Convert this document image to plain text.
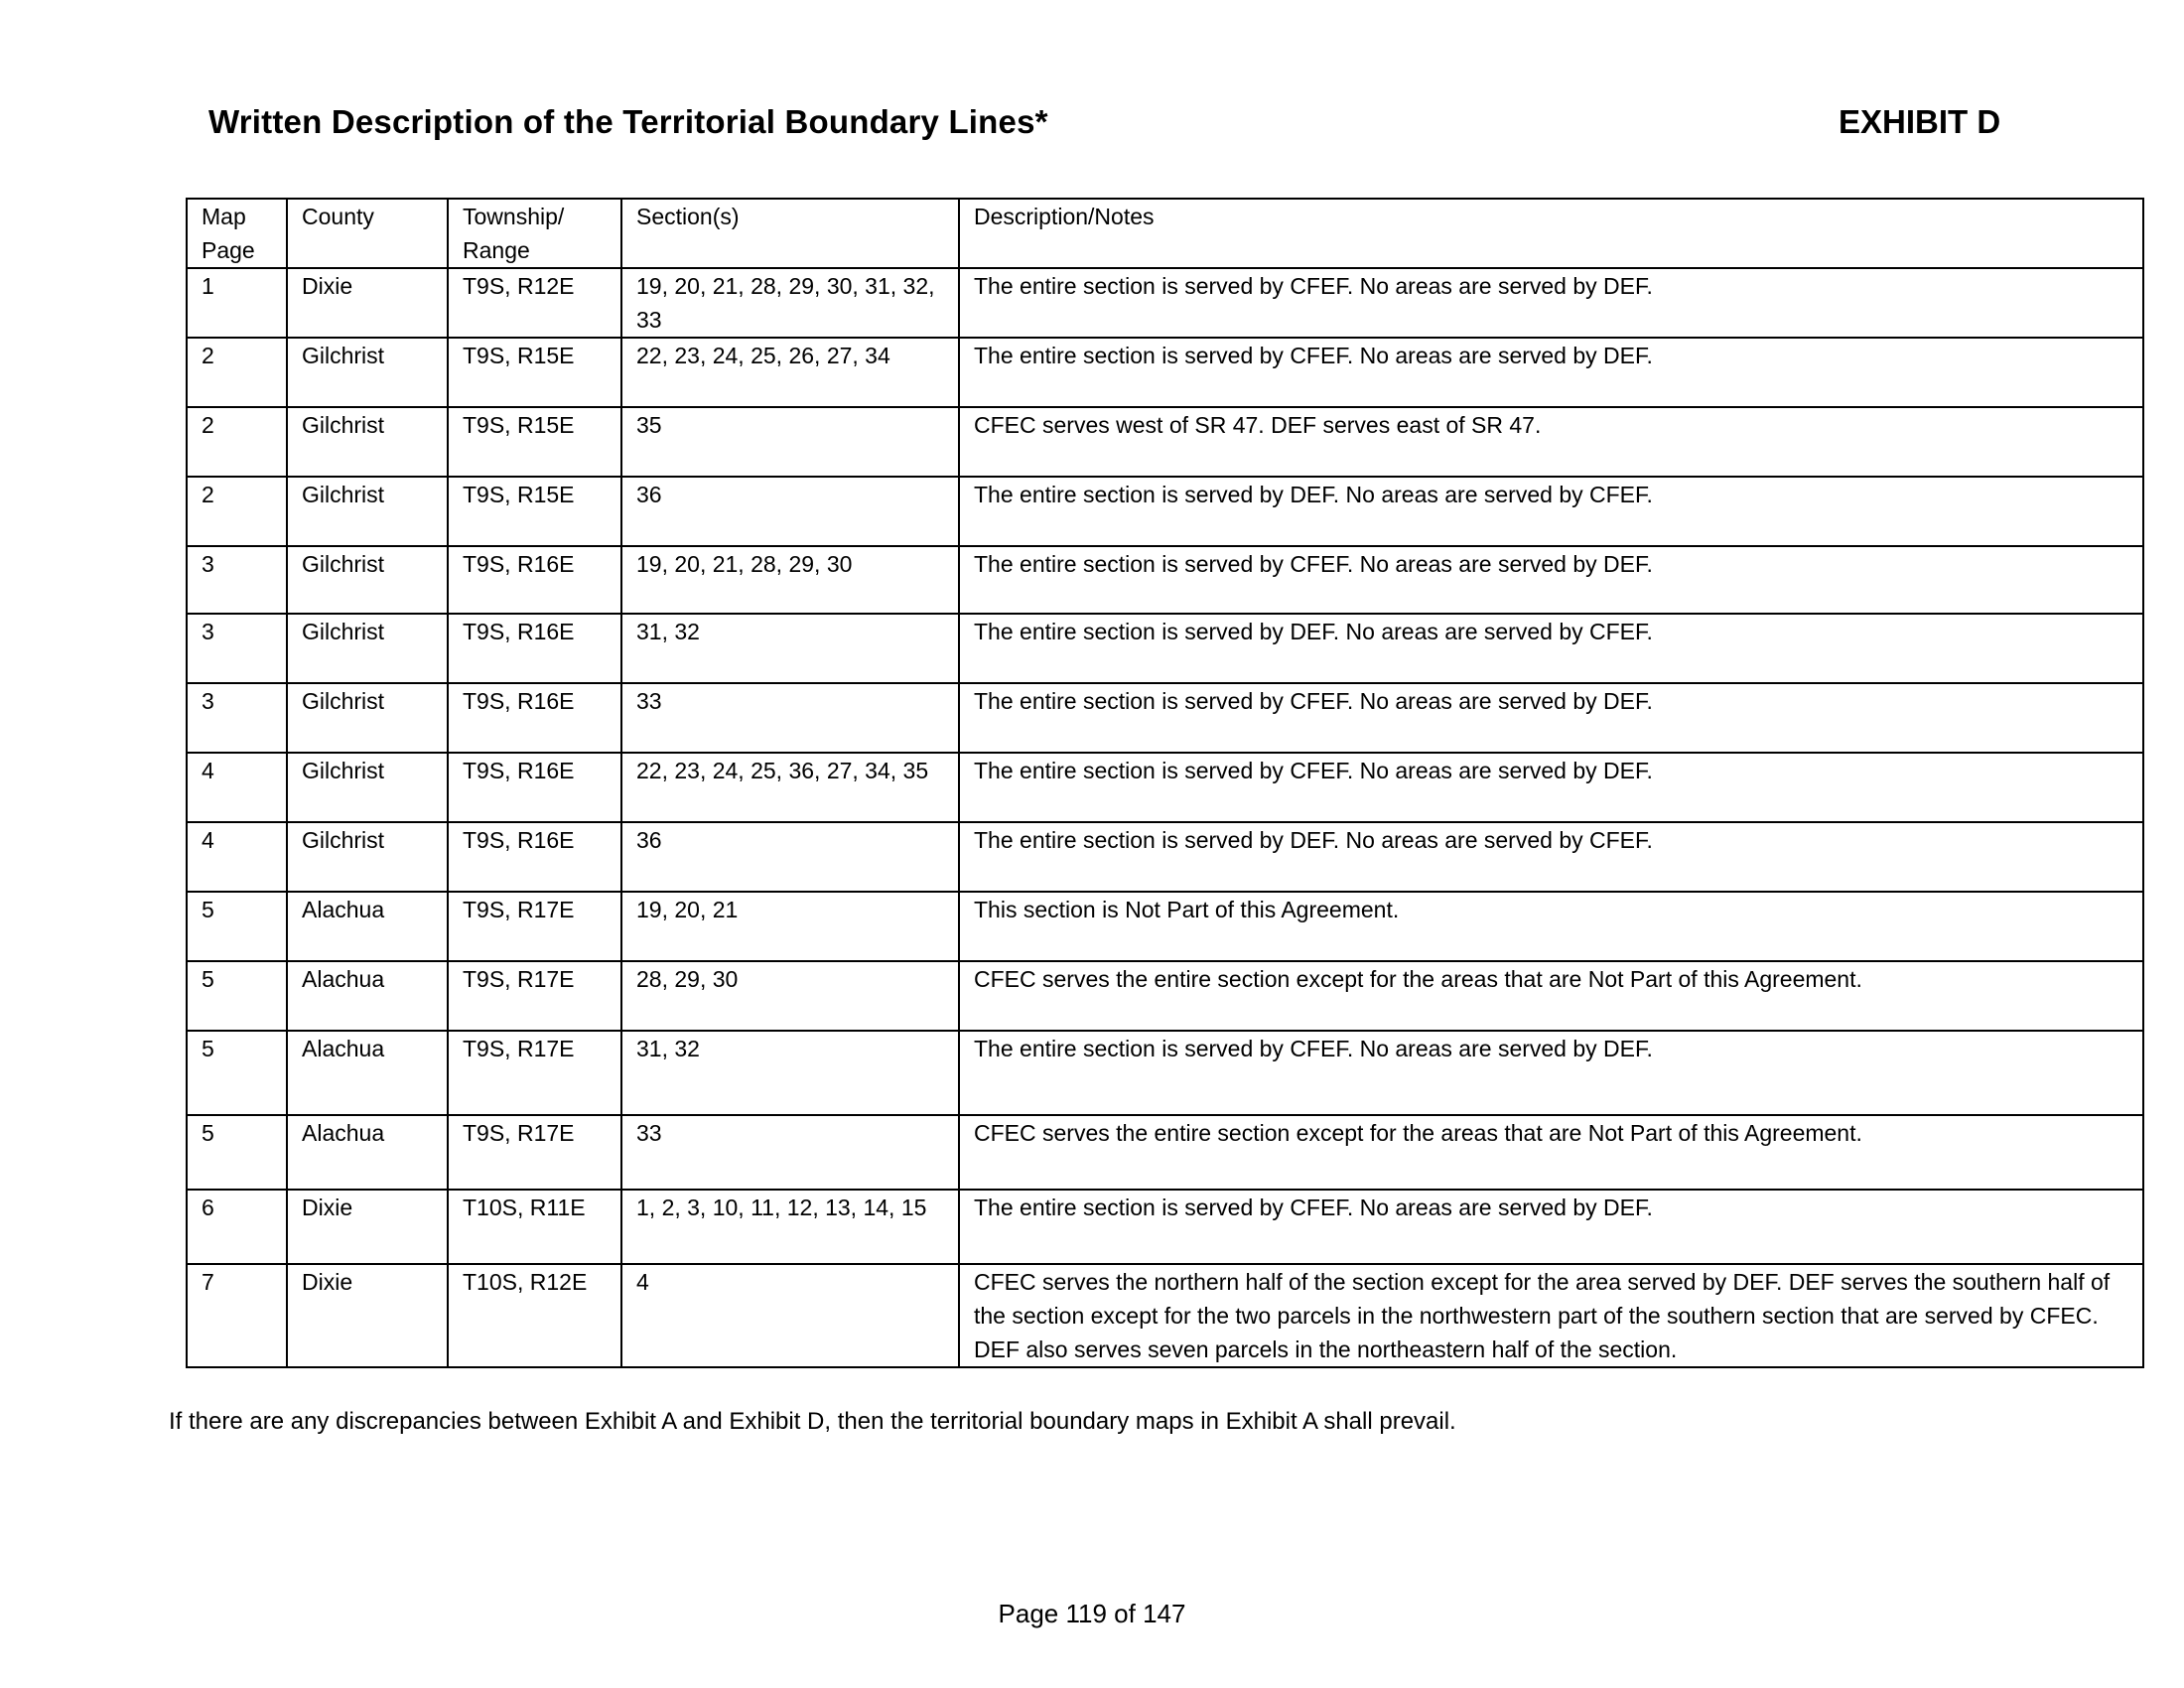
Written Description of the Territorial Boundary Lines*	EXHIBIT D
Map Page	County	Township/ Range	Section(s)	Description/Notes
1	Dixie	T9S, R12E	19, 20, 21, 28, 29, 30, 31, 32, 33	The entire section is served by CFEF. No areas are served by DEF.
2	Gilchrist	T9S, R15E	22, 23, 24, 25, 26, 27, 34	The entire section is served by CFEF. No areas are served by DEF.
2	Gilchrist	T9S, R15E	35	CFEC serves west of SR 47. DEF serves east of SR 47.
2	Gilchrist	T9S, R15E	36	The entire section is served by DEF. No areas are served by CFEF.
3	Gilchrist	T9S, R16E	19, 20, 21, 28, 29, 30	The entire section is served by CFEF. No areas are served by DEF.
3	Gilchrist	T9S, R16E	31, 32	The entire section is served by DEF. No areas are served by CFEF.
3	Gilchrist	T9S, R16E	33	The entire section is served by CFEF. No areas are served by DEF.
4	Gilchrist	T9S, R16E	22, 23, 24, 25, 36, 27, 34, 35	The entire section is served by CFEF. No areas are served by DEF.
4	Gilchrist	T9S, R16E	36	The entire section is served by DEF. No areas are served by CFEF.
5	Alachua	T9S, R17E	19, 20, 21	This section is Not Part of this Agreement.
5	Alachua	T9S, R17E	28, 29, 30	CFEC serves the entire section except for the areas that are Not Part of this Agreement.
5	Alachua	T9S, R17E	31, 32	The entire section is served by CFEF. No areas are served by DEF.
5	Alachua	T9S, R17E	33	CFEC serves the entire section except for the areas that are Not Part of this Agreement.
6	Dixie	T10S, R11E	1, 2, 3, 10, 11, 12, 13, 14, 15	The entire section is served by CFEF. No areas are served by DEF.
7	Dixie	T10S, R12E	4	CFEC serves the northern half of the section except for the area served by DEF. DEF serves the southern half of the section except for the two parcels in the northwestern part of the southern section that are served by CFEC. DEF also serves seven parcels in the northeastern half of the section.
If there are any discrepancies between Exhibit A and Exhibit D, then the territorial boundary maps in Exhibit A shall prevail.
Page 119 of 147
